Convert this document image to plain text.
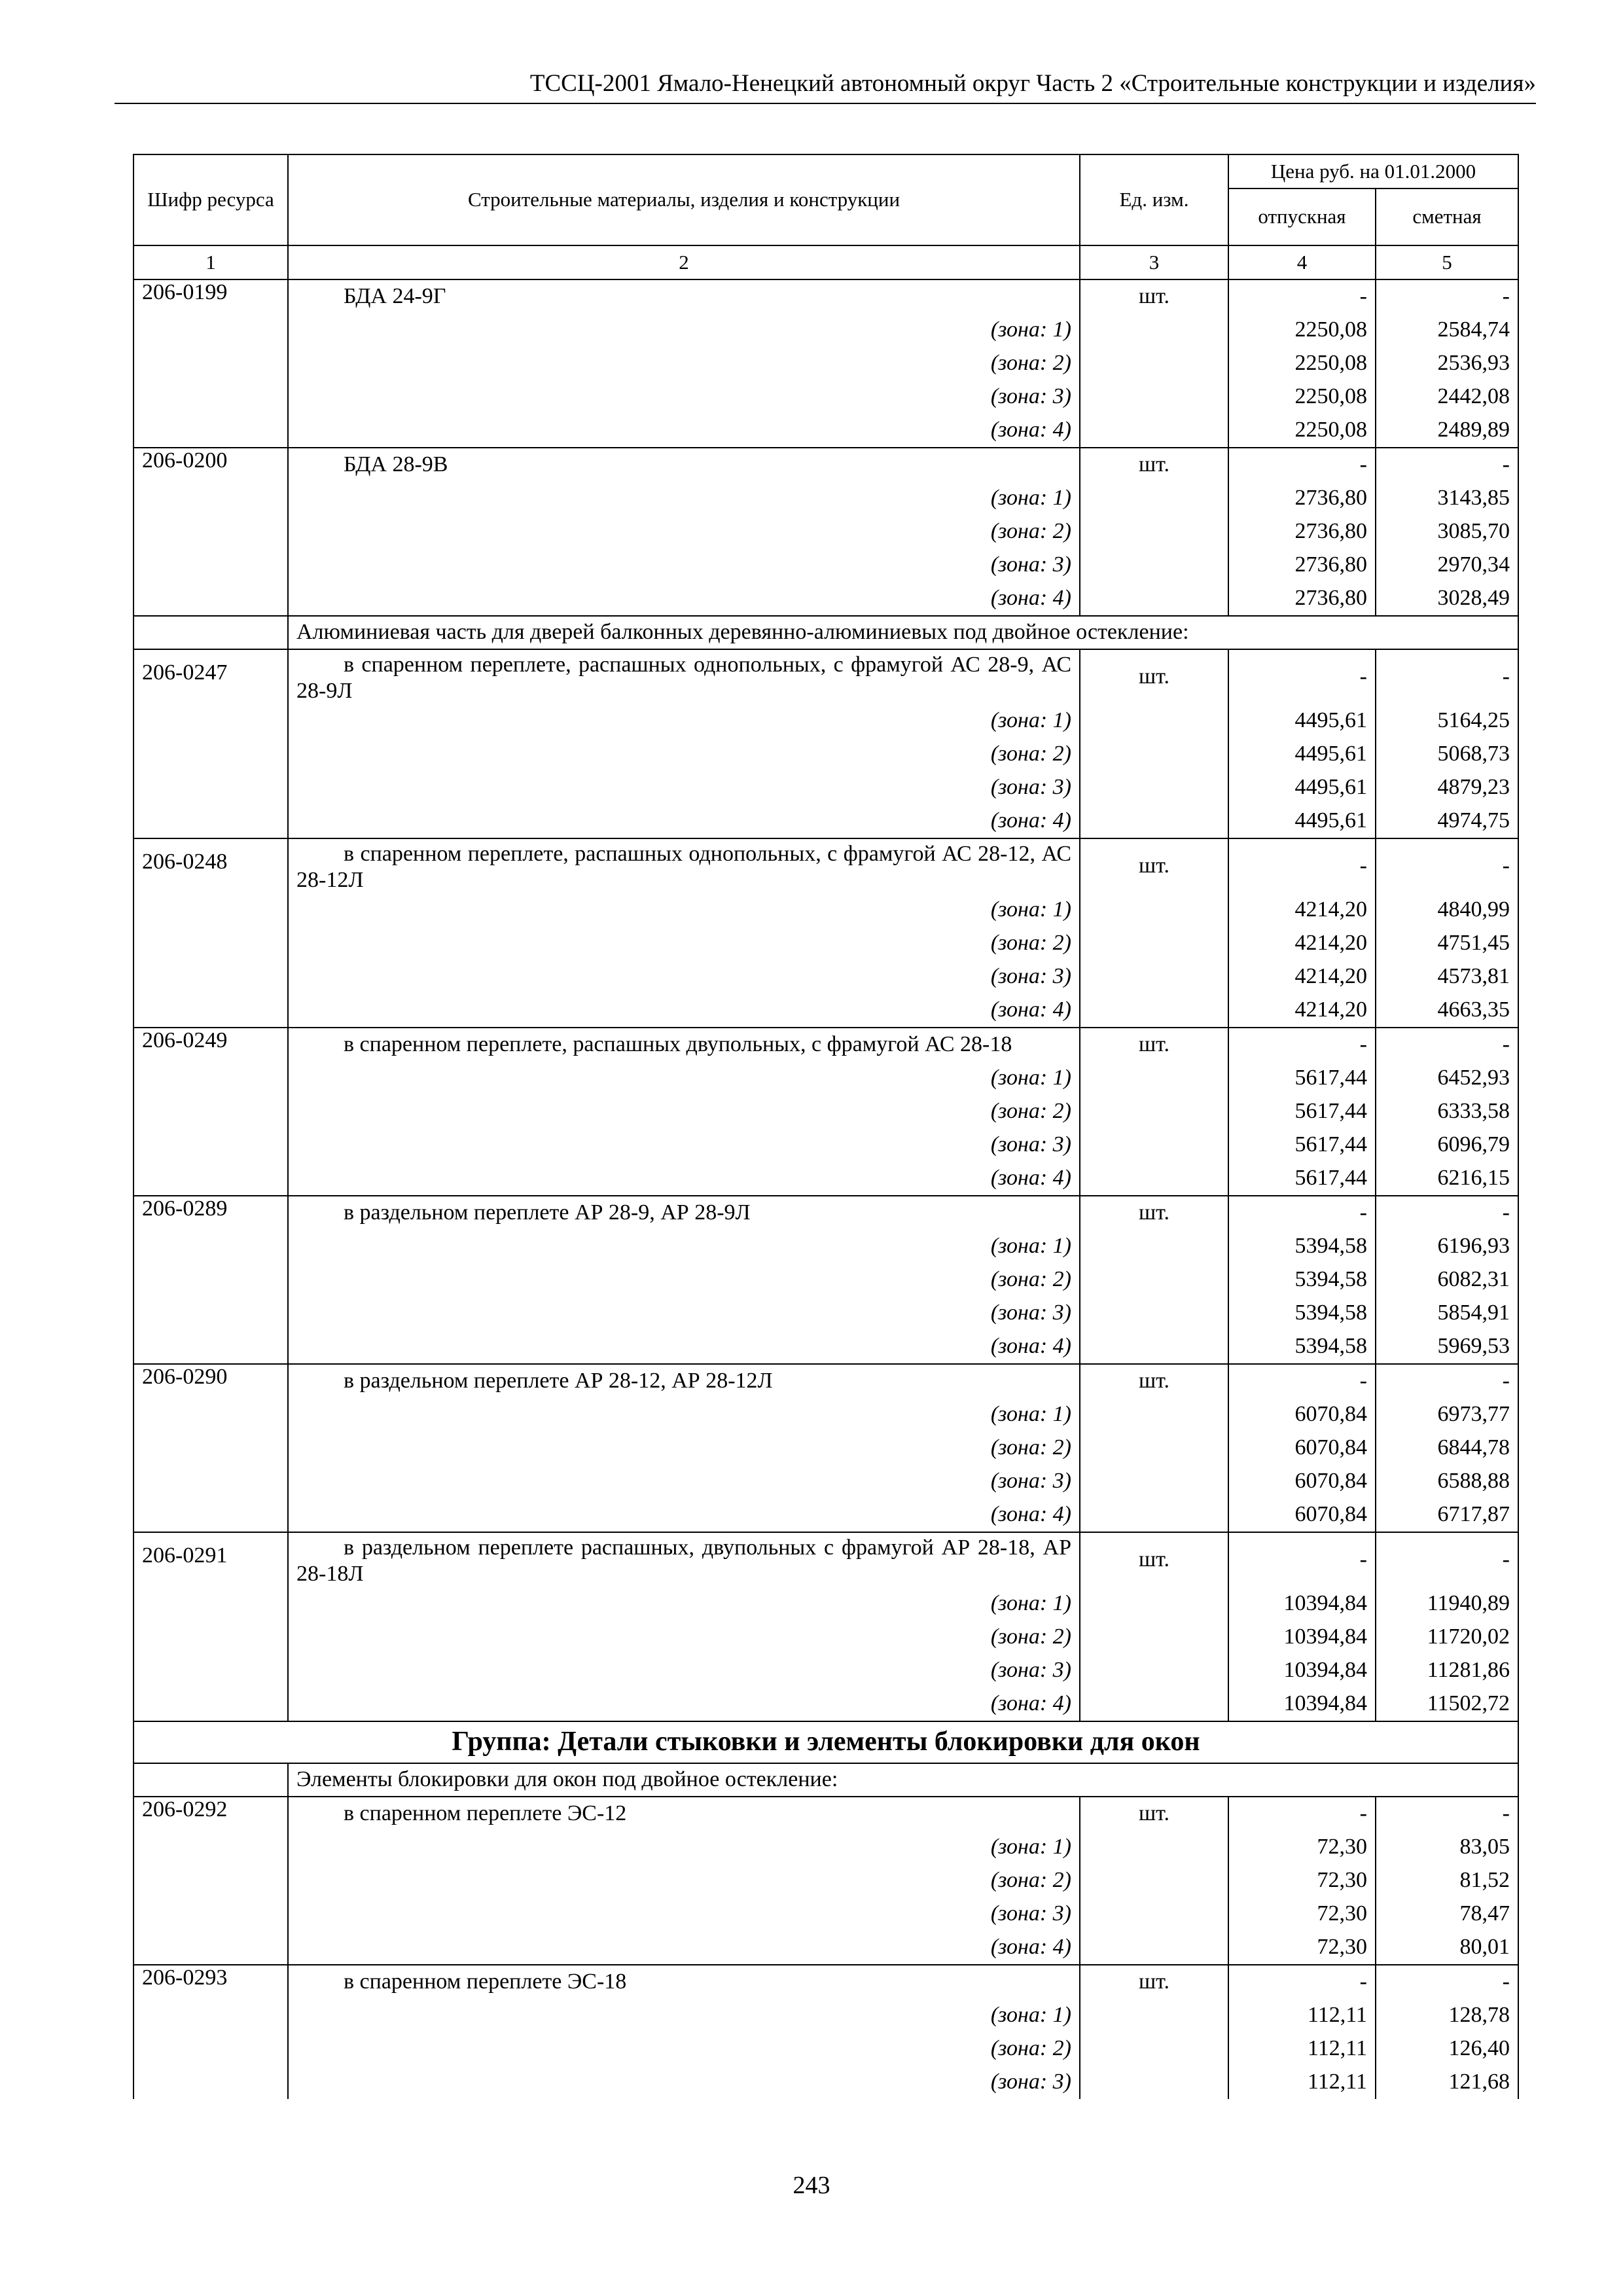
ТССЦ-2001 Ямало-Ненецкий автономный округ Часть 2 «Строительные конструкции и изделия»
Шифр ресурса	Строительные материалы, изделия и конструкции	Ед. изм.	Цена руб. на 01.01.2000	
			отпускная	сметная
1	2	3	4	5
206-0199	БДА 24-9Г	шт.	-	-
	(зона: 1)		2250,08	2584,74
	(зона: 2)		2250,08	2536,93
	(зона: 3)		2250,08	2442,08
	(зона: 4)		2250,08	2489,89
206-0200	БДА 28-9В	шт.	-	-
	(зона: 1)		2736,80	3143,85
	(зона: 2)		2736,80	3085,70
	(зона: 3)		2736,80	2970,34
	(зона: 4)		2736,80	3028,49
	Алюминиевая часть для дверей балконных деревянно-алюминиевых под двойное остекление:			
206-0247	в спаренном переплете, распашных однопольных, с фрамугой АС 28-9, АС 28-9Л	шт.	-	-
	(зона: 1)		4495,61	5164,25
	(зона: 2)		4495,61	5068,73
	(зона: 3)		4495,61	4879,23
	(зона: 4)		4495,61	4974,75
206-0248	в спаренном переплете, распашных однопольных, с фрамугой АС 28-12, АС 28-12Л	шт.	-	-
	(зона: 1)		4214,20	4840,99
	(зона: 2)		4214,20	4751,45
	(зона: 3)		4214,20	4573,81
	(зона: 4)		4214,20	4663,35
206-0249	в спаренном переплете, распашных двупольных, с фрамугой АС 28-18	шт.	-	-
	(зона: 1)		5617,44	6452,93
	(зона: 2)		5617,44	6333,58
	(зона: 3)		5617,44	6096,79
	(зона: 4)		5617,44	6216,15
206-0289	в раздельном переплете АР 28-9, АР 28-9Л	шт.	-	-
	(зона: 1)		5394,58	6196,93
	(зона: 2)		5394,58	6082,31
	(зона: 3)		5394,58	5854,91
	(зона: 4)		5394,58	5969,53
206-0290	в раздельном переплете АР 28-12, АР 28-12Л	шт.	-	-
	(зона: 1)		6070,84	6973,77
	(зона: 2)		6070,84	6844,78
	(зона: 3)		6070,84	6588,88
	(зона: 4)		6070,84	6717,87
206-0291	в раздельном переплете распашных, двупольных с фрамугой АР 28-18, АР 28-18Л	шт.	-	-
	(зона: 1)		10394,84	11940,89
	(зона: 2)		10394,84	11720,02
	(зона: 3)		10394,84	11281,86
	(зона: 4)		10394,84	11502,72
Группа: Детали стыковки и элементы блокировки для окон				
	Элементы блокировки для окон под двойное остекление:			
206-0292	в спаренном переплете ЭС-12	шт.	-	-
	(зона: 1)		72,30	83,05
	(зона: 2)		72,30	81,52
	(зона: 3)		72,30	78,47
	(зона: 4)		72,30	80,01
206-0293	в спаренном переплете ЭС-18	шт.	-	-
	(зона: 1)		112,11	128,78
	(зона: 2)		112,11	126,40
	(зона: 3)		112,11	121,68
243
